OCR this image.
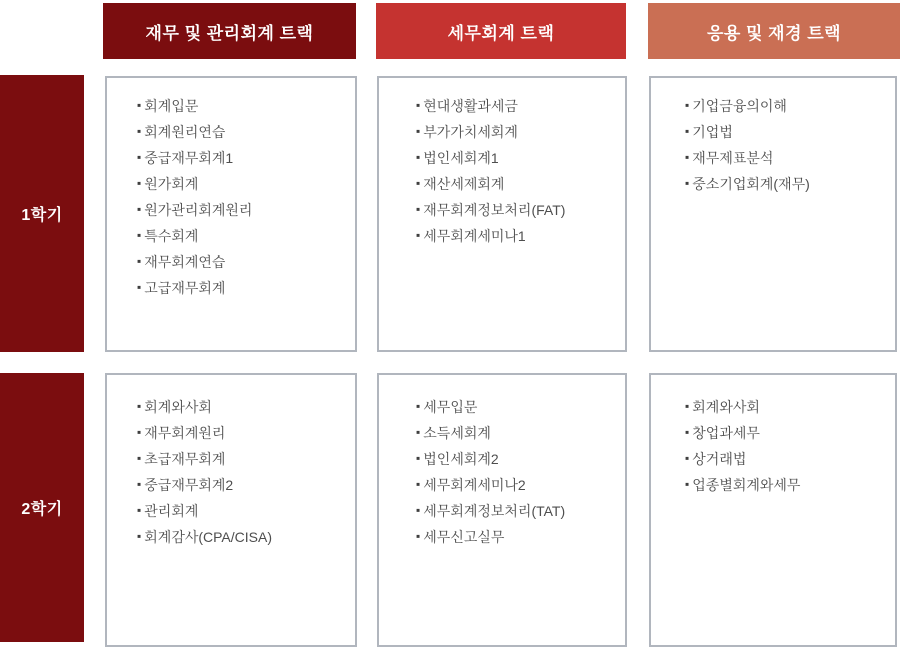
재무 및 관리회계 트랙	세무회계 트랙	응용 및 재경 트랙
1학기
2학기
▪ 회계입문
▪ 회계원리연습
▪ 중급재무회계1
▪ 원가회계
▪ 원가관리회계원리
▪ 특수회계
▪ 재무회계연습
▪ 고급재무회계
▪ 현대생활과세금
▪ 부가가치세회계
▪ 법인세회계1
▪ 재산세제회계
▪ 재무회계정보처리(FAT)
▪ 세무회계세미나1
▪ 기업금융의이해
▪ 기업법
▪ 재무제표분석
▪ 중소기업회계(재무)
▪ 회계와사회
▪ 재무회계원리
▪ 초급재무회계
▪ 중급재무회계2
▪ 관리회계
▪ 회계감사(CPA/CISA)
▪ 세무입문
▪ 소득세회계
▪ 법인세회계2
▪ 세무회계세미나2
▪ 세무회계정보처리(TAT)
▪ 세무신고실무
▪ 회계와사회
▪ 창업과세무
▪ 상거래법
▪ 업종별회계와세무
